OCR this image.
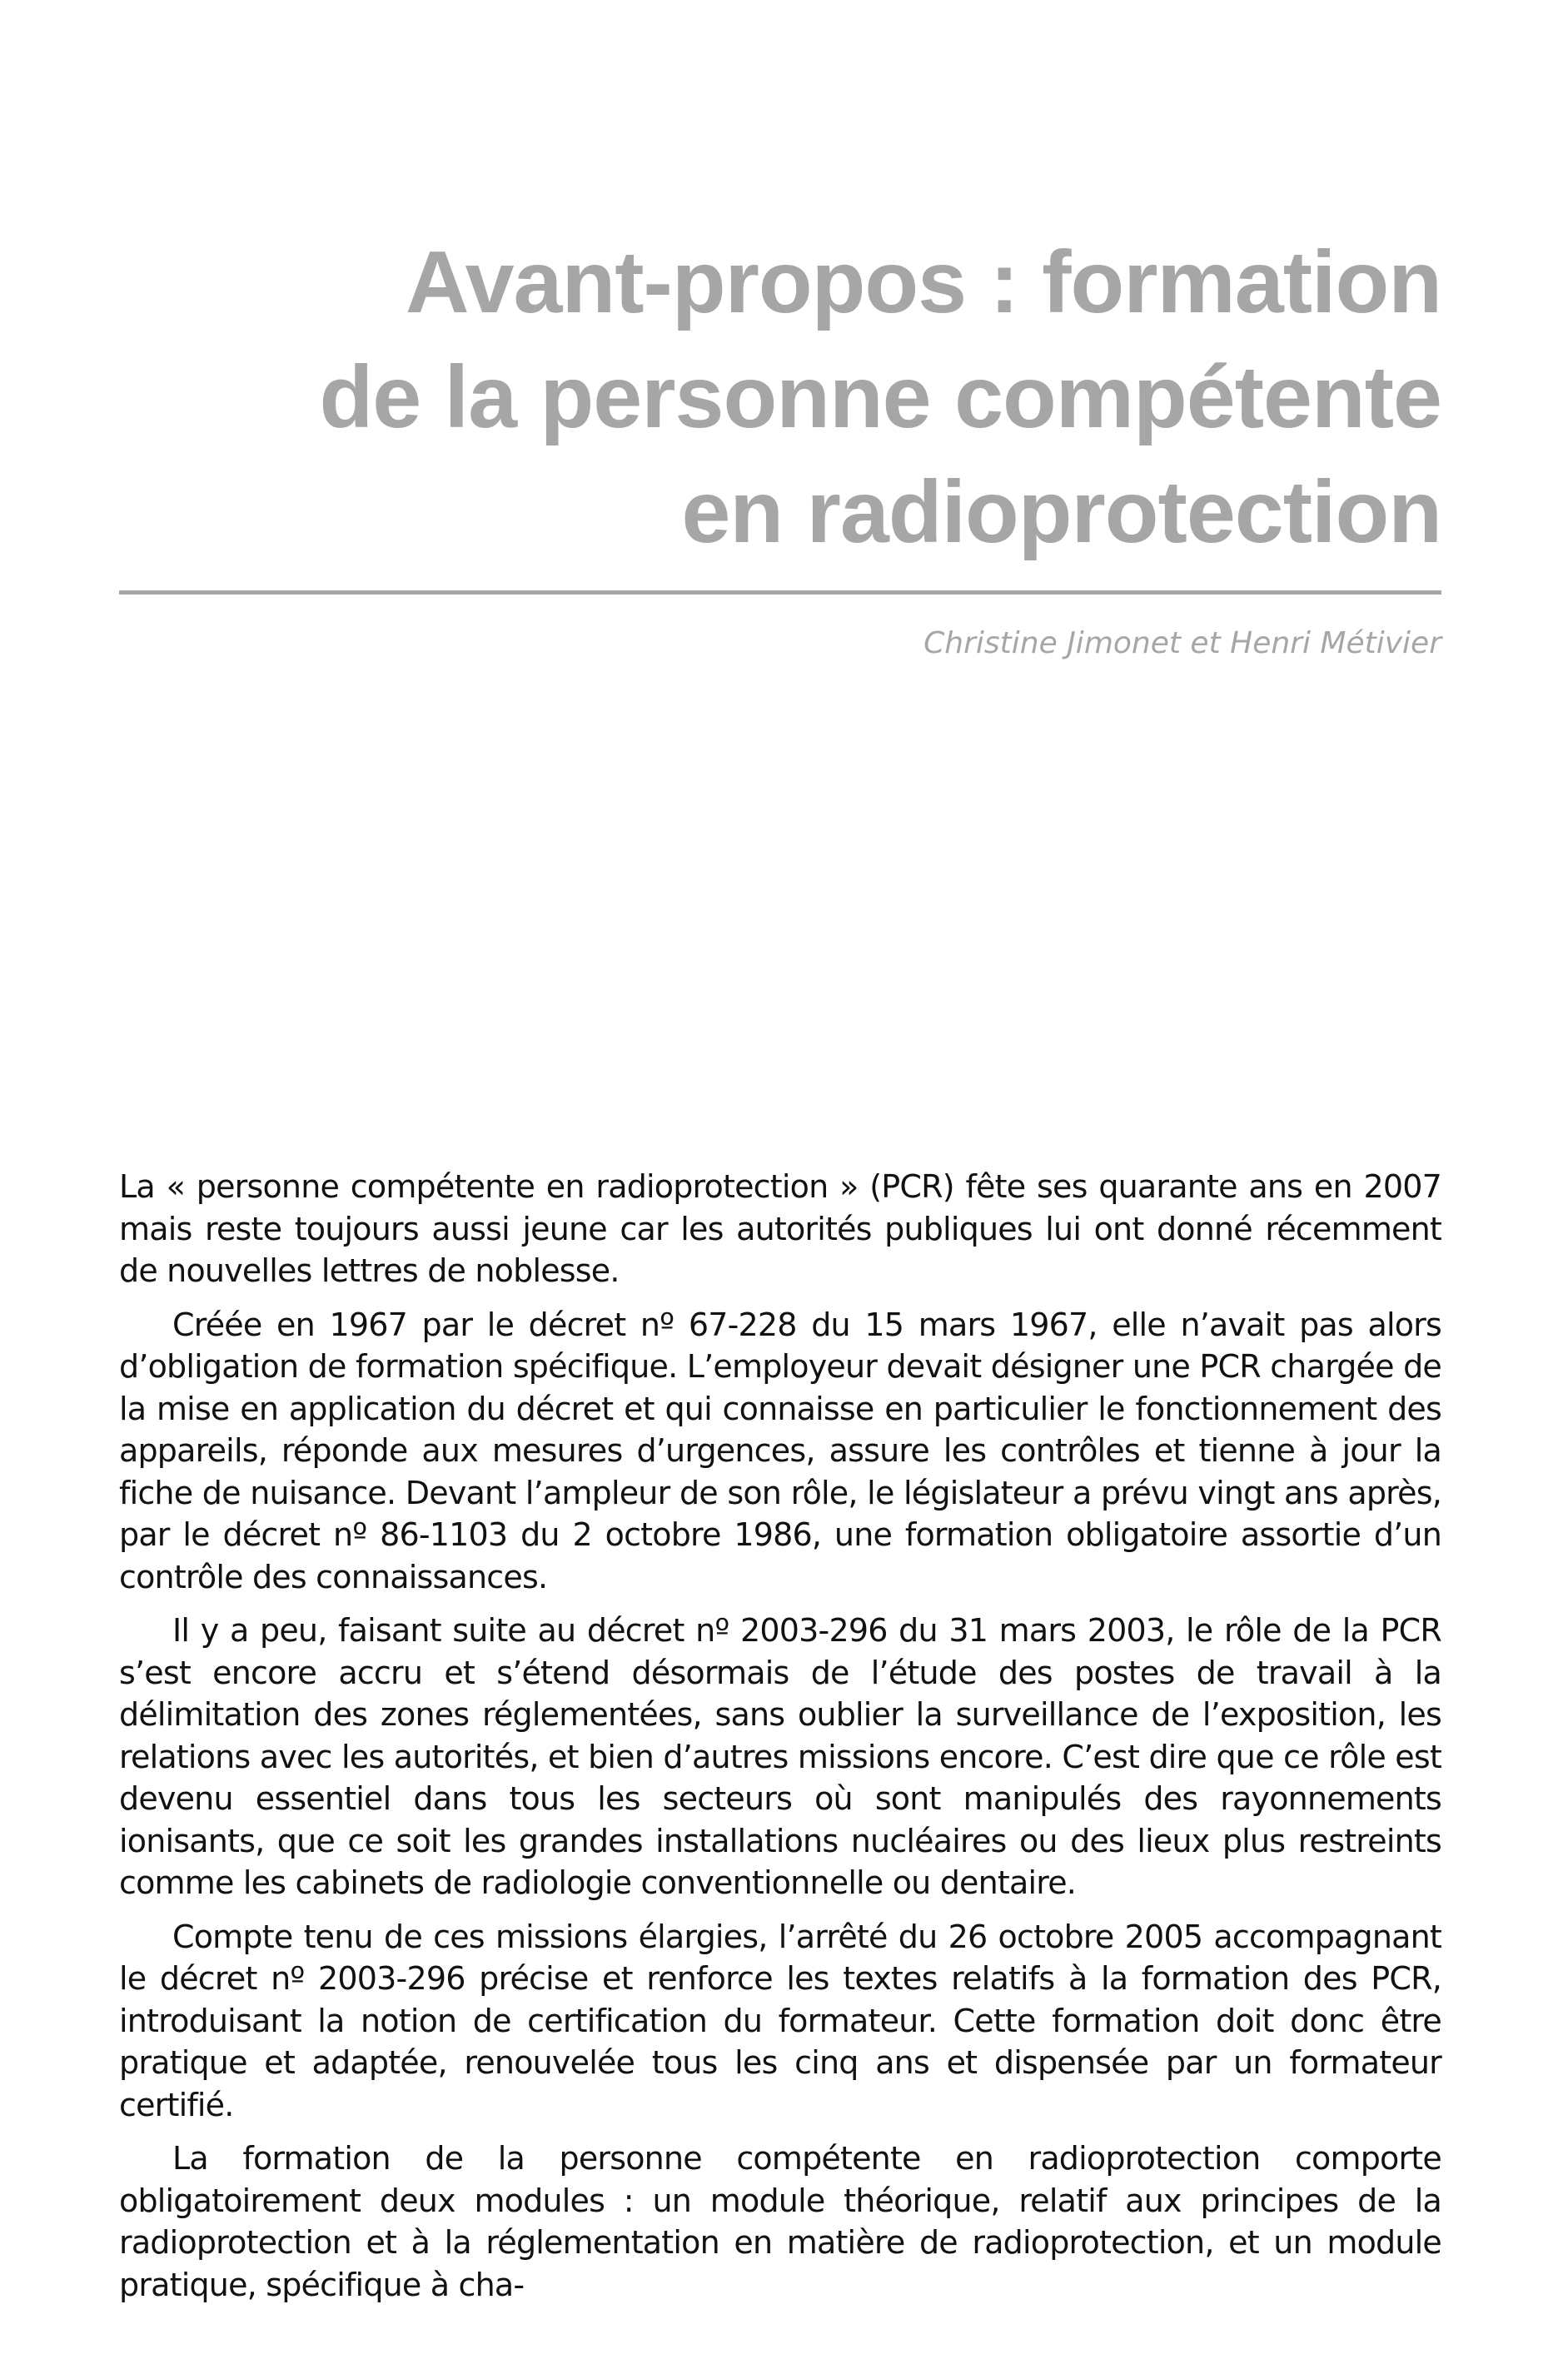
Avant-propos : formation
de la personne compétente
en radioprotection

Christine Jimonet et Henri Métivier

La « personne compétente en radioprotection » (PCR) fête ses quarante ans en 2007 mais reste toujours aussi jeune car les autorités publiques lui ont donné récemment de nouvelles lettres de noblesse.

Créée en 1967 par le décret nº 67-228 du 15 mars 1967, elle n’avait pas alors d’obligation de formation spécifique. L’employeur devait désigner une PCR chargée de la mise en application du décret et qui connaisse en particulier le fonctionnement des appareils, réponde aux mesures d’urgences, assure les contrôles et tienne à jour la fiche de nuisance. Devant l’ampleur de son rôle, le législateur a prévu vingt ans après, par le décret nº 86-1103 du 2 octobre 1986, une formation obligatoire assortie d’un contrôle des connaissances.

Il y a peu, faisant suite au décret nº 2003-296 du 31 mars 2003, le rôle de la PCR s’est encore accru et s’étend désormais de l’étude des postes de travail à la délimitation des zones réglementées, sans oublier la surveillance de l’exposition, les relations avec les autorités, et bien d’autres missions encore. C’est dire que ce rôle est devenu essentiel dans tous les secteurs où sont manipulés des rayonnements ionisants, que ce soit les grandes installations nucléaires ou des lieux plus restreints comme les cabinets de radiologie conventionnelle ou dentaire.

Compte tenu de ces missions élargies, l’arrêté du 26 octobre 2005 accompagnant le décret nº 2003-296 précise et renforce les textes relatifs à la formation des PCR, introduisant la notion de certification du formateur. Cette formation doit donc être pratique et adaptée, renouvelée tous les cinq ans et dispensée par un formateur certifié.

La formation de la personne compétente en radioprotection comporte obligatoirement deux modules : un module théorique, relatif aux principes de la radioprotection et à la réglementation en matière de radioprotection, et un module pratique, spécifique à cha-
